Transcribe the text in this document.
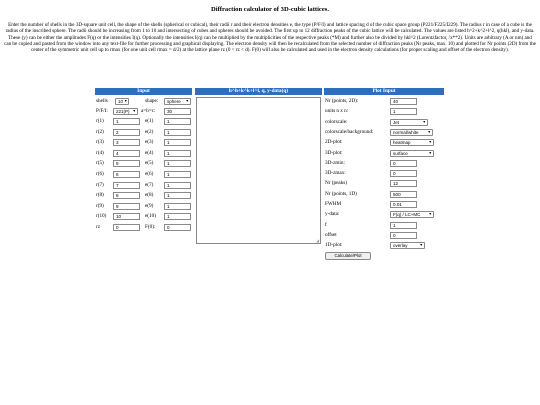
Diffraction calculator of 3D-cubic lattices.
Enter the number of shells in the 3D-square unit cell, the shape of the shells (spherical or cubical), their radii r and their electron densities e, the type (P/F/I) and lattice spacing d of the cubic space group (P221/F225/I229). The radius r in case of a cube is the radius of the inscribed sphere. The radii should be increasing from 1 to 10 and intersecting of cubes and spheres should be avoided. The first up to 12 diffraction peaks of the cubic lattice will be calculated. The values are listed h^2+k^2+l^2, q(hkl), and y-data. These (y) can be either the amplitudes F(q) or the intensities I(q). Optionally the intensities I(q) can be multiplied by the multiplicities of the respective peaks (*M) and further also be divided by hkl^2 (Lorentzfactor, /x**2). Units are arbitrary (A or nm) and can be copied and pasted from the window into any text-file for further processing and graphical displaying. The electron density will then be recalculated from the selected number of diffraction peaks (Nr peaks, max. 10) and plotted for Nr points (2D) from the center of the symmetric unit cell up to rmax (for one unit cell rmax = d/2) at the lattice plane rz (0 < rz < d). F(0) will also be calculated and used in the electron density calculations (for proper scaling and offset of the electron density).
Input
shells 10 ▼	shape: sphere ▼
P/F/I: 221(P) ▼ a=b=c:	30
r(1)	1	e(1)	1
r(2)	2	e(2)	1
r(3)	3	e(3)	1
r(4)	4	e(4)	1
r(5)	5	e(5)	1
r(6)	6	e(6)	1
r(7)	7	e(7)	1
r(8)	8	e(8)	1
r(9)	9	e(9)	1
r(10)	10	e(10)	1
rz	0	F(0):	0
h^h+k^k+l^l, q, y-data(q)
◢
Plot Input
Nr (points, 2D):	40
units n x n:	1
colorscale:	Jet	▼
colorscale/background:	normal/white	▼
2D-plot:	heatmap	▼
3D-plot:	surface	▼
3D-zmin:	0
3D-zmax:	0
Nr (peaks)	12
Nr (points, 1D)	500
FWHM	0.01
y-data:	F(q) / LC+MC ▼
f	1
offset	0
1D-plot:	overlay	▼
Calculate/Plot
